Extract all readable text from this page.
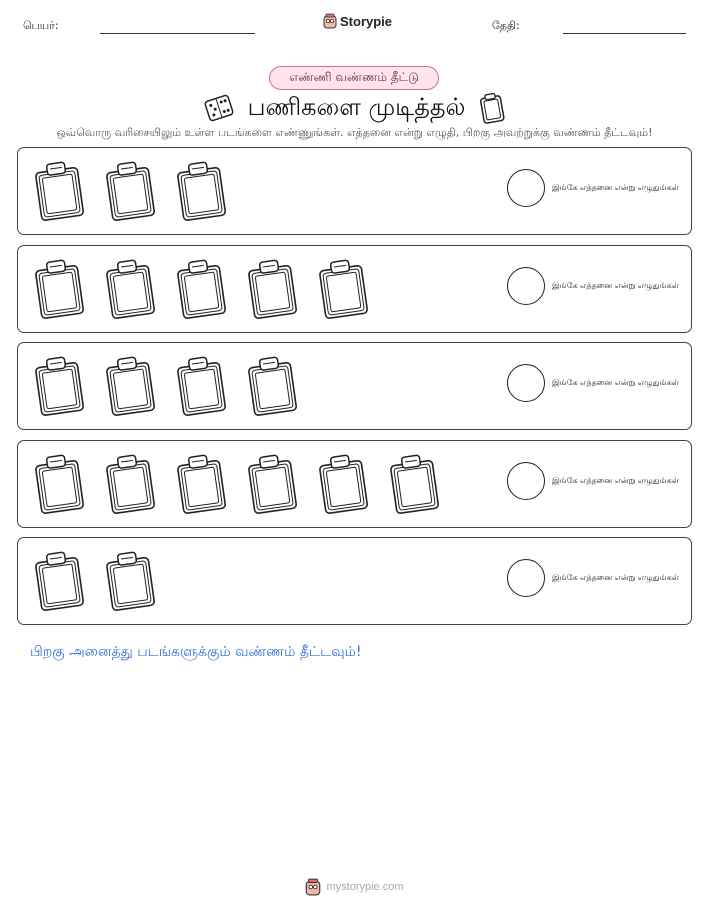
பெயர்:	Storypie	தேதி:
எண்ணி வண்ணம் தீட்டு
பணிகளை முடித்தல்
ஒவ்வொரு வரிசையிலும் உள்ள படங்களை எண்ணுங்கள். எத்தனை என்று எழுதி, பிறகு அவற்றுக்கு வண்ணம் தீட்டவும்!
இங்கே எத்தனை என்று எழுதுங்கள்
இங்கே எத்தனை என்று எழுதுங்கள்
இங்கே எத்தனை என்று எழுதுங்கள்
இங்கே எத்தனை என்று எழுதுங்கள்
இங்கே எத்தனை என்று எழுதுங்கள்
பிறகு அனைத்து படங்களுக்கும் வண்ணம் தீட்டவும்!
mystorypie.com
